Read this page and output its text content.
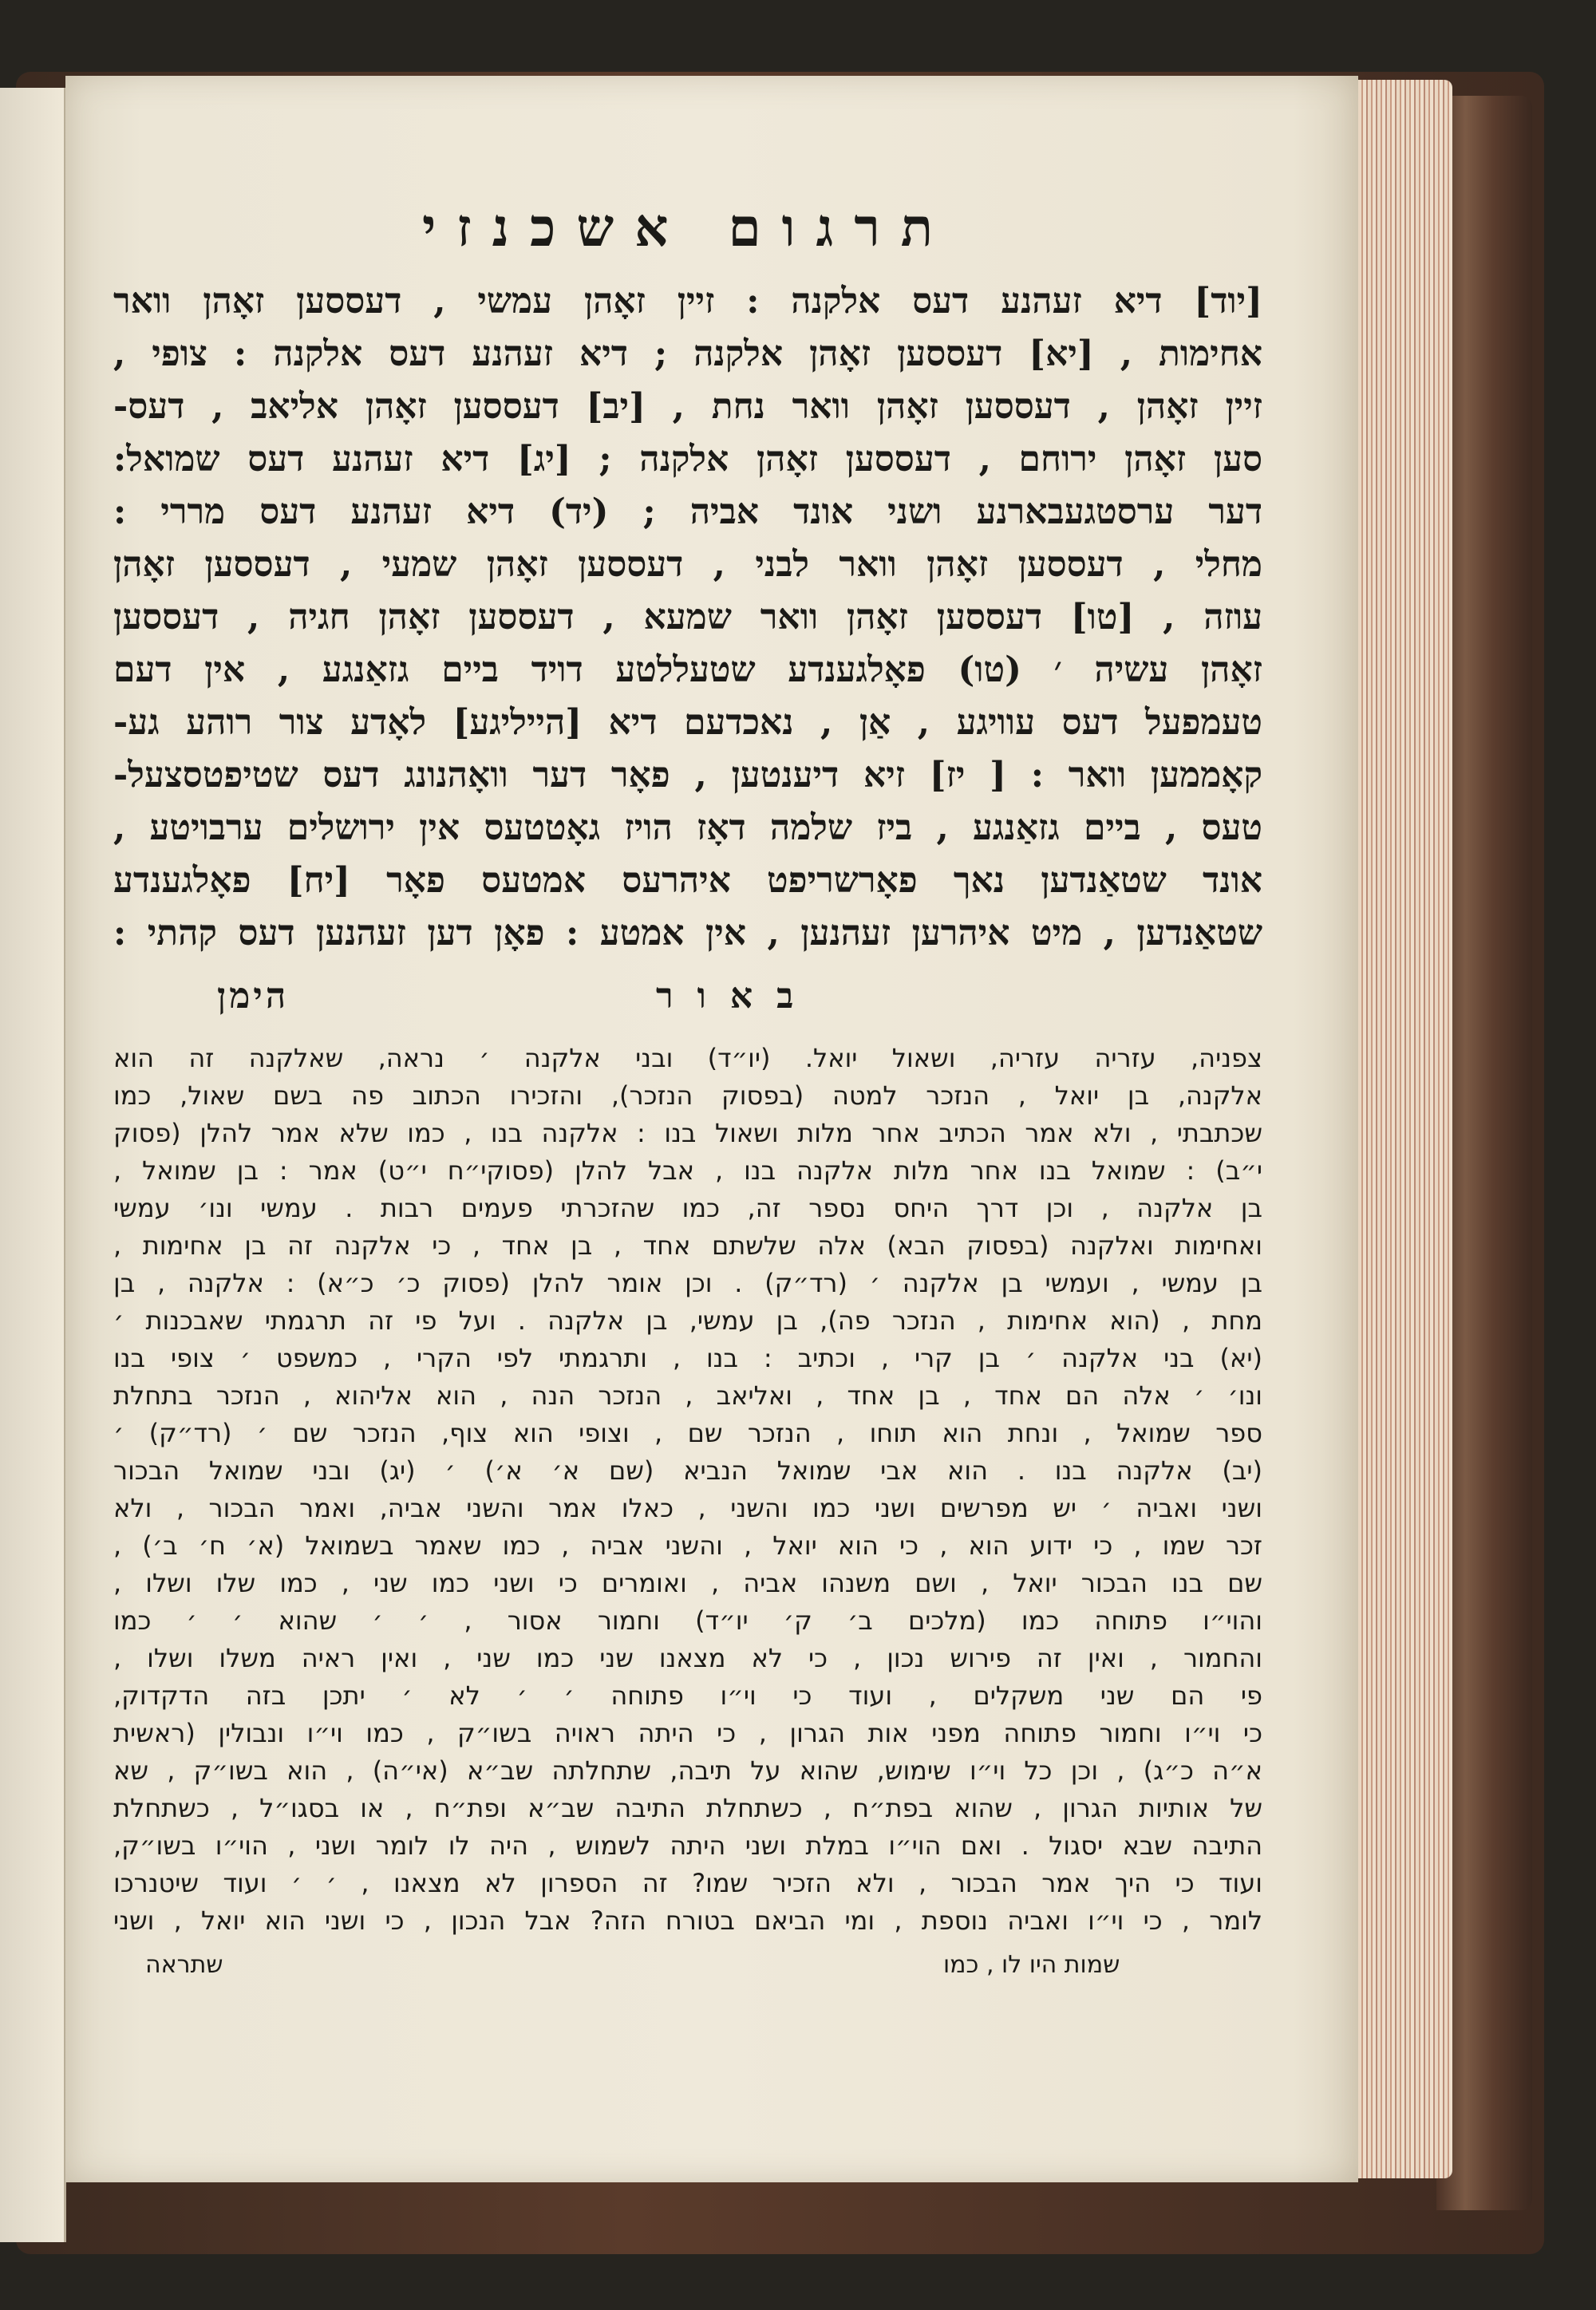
תרגום אשכנזי
[יוד] דיא זעהנע דעס אלקנה : זיין זאָהן עמשי , דעססען זאָהן וואר
אחימות , [יא] דעססען זאָהן אלקנה ; דיא זעהנע דעס אלקנה : צופי ,
זיין זאָהן , דעססען זאָהן וואר נחת , [יב] דעססען זאָהן אליאב , דעס-
סען זאָהן ירוחם , דעססען זאָהן אלקנה ; [יג] דיא זעהנע דעס שמואל:
דער ערסטגעבארנע ושני אונד אביה ; (יד) דיא זעהנע דעס מררי :
מחלי , דעססען זאָהן וואר לבני , דעססען זאָהן שמעי , דעססען זאָהן
עוזה , [טו] דעססען זאָהן וואר שמעא , דעססען זאָהן חגיה , דעססען
זאָהן עשיה ׳ (טו) פאָלגענדע שטעללטע דויד ביים גזאַנגע , אין דעם
טעמפעל דעס עוויגע , אַן , נאכדעם דיא [הייליגע] לאָדע צור רוהע גע-
קאָממען וואר : [ יז] זיא דיענטען , פאָר דער וואָהנונג דעס שטיפטסצעל-
טעס , ביים גזאַנגע , ביז שלמה דאָז הויז גאָטטעס אין ירושלים ערבויטע ,
אונד שטאַנדען נאך פאָרשריפט איהרעס אמטעס פאָר [יח] פאָלגענדע
שטאַנדען , מיט איהרען זעהנען , אין אמטע : פאָן דען זעהנען דעס קהתי :
באור
הימן
צפניה, עזריה עזריה, ושאול יואל. (יו״ד) ובני אלקנה ׳ נראה, שאלקנה זה הוא
אלקנה, בן יואל , הנזכר למטה (בפסוק הנזכר), והזכירו הכתוב פה בשם שאול, כמו
שכתבתי , ולא אמר הכתיב אחר מלות ושאול בנו : אלקנה בנו , כמו שלא אמר להלן (פסוק
י״ב) : שמואל בנו אחר מלות אלקנה בנו , אבל להלן (פסוקי״ח י״ט) אמר : בן שמואל ,
בן אלקנה , וכן דרך היחס נספר זה, כמו שהזכרתי פעמים רבות . עמשי ונו׳ עמשי
ואחימות ואלקנה (בפסוק הבא) אלה שלשתם אחד , בן אחד , כי אלקנה זה בן אחימות ,
בן עמשי , ועמשי בן אלקנה ׳ (רד״ק) . וכן אומר להלן (פסוק כ׳ כ״א) : אלקנה , בן
מחת , (הוא אחימות , הנזכר פה), בן עמשי, בן אלקנה . ועל פי זה תרגמתי שאבכנות ׳
(יא) בני אלקנה ׳ בן קרי , וכתיב : בנו , ותרגמתי לפי הקרי , כמשפט ׳ צופי בנו
ונו׳ ׳ אלה הם אחד , בן אחד , ואליאב , הנזכר הנה , הוא אליהוא , הנזכר בתחלת
ספר שמואל , ונחת הוא תוחו , הנזכר שם , וצופי הוא צוף, הנזכר שם ׳ (רד״ק) ׳
(יב) אלקנה בנו . הוא אבי שמואל הנביא (שם א׳ א׳) ׳ (יג) ובני שמואל הבכור
ושני ואביה ׳ יש מפרשים ושני כמו והשני , כאלו אמר והשני אביה, ואמר הבכור , ולא
זכר שמו , כי ידוע הוא , כי הוא יואל , והשני אביה , כמו שאמר בשמואל (א׳ ח׳ ב׳) ,
שם בנו הבכור יואל , ושם משנהו אביה , ואומרים כי ושני כמו שני , כמו שלו ושלו ,
והוי״ו פתוחה כמו (מלכים ב׳ ק׳ יו״ד) וחמור אסור , ׳ ׳ שהוא ׳ ׳ כמו
והחמור , ואין זה פירוש נכון , כי לא מצאנו שני כמו שני , ואין ראיה משלו ושלו ,
פי הם שני משקלים , ועוד כי וי״ו פתוחה ׳ ׳ לא ׳ יתכן בזה הדקדוק,
כי וי״ו וחמור פתוחה מפני אות הגרון , כי היתה ראויה בשו״ק , כמו וי״ו ונבולין (ראשית
א״ה כ״ג) , וכן כל וי״ו שימוש, שהוא על תיבה, שתחלתה שב״א (אי״ה) , הוא בשו״ק , שא
של אותיות הגרון , שהוא בפת״ח , כשתחלת התיבה שב״א ופת״ח , או בסגו״ל , כשתחלת
התיבה שבא יסגול . ואם הוי״ו במלת ושני היתה לשמוש , היה לו לומר ושני , הוי״ו בשו״ק,
ועוד כי היך אמר הבכור , ולא הזכיר שמו? זה הספרון לא מצאנו , ׳ ׳ ועוד שיטנרכו
לומר , כי וי״ו ואביה נוספת , ומי הביאם בטורח הזה? אבל הנכון , כי ושני הוא יואל , ושני
שמות היו לו , כמו
שתראה
